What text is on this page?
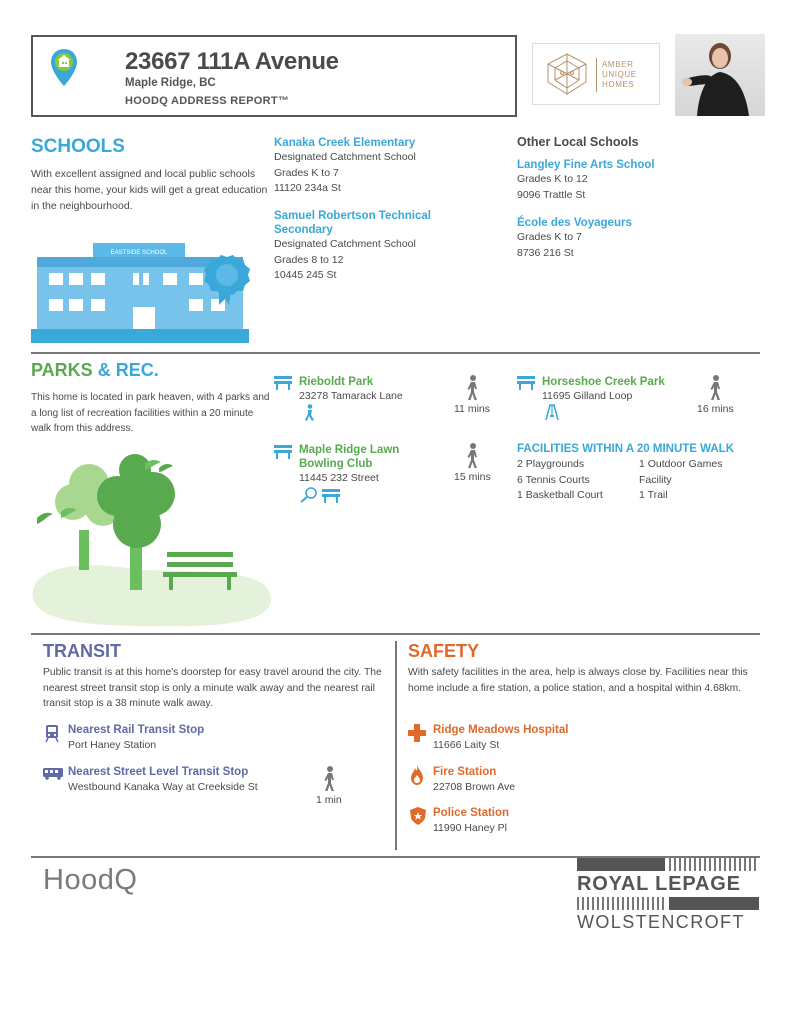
23667 111A Avenue
Maple Ridge, BC
HOODQ ADDRESS REPORT™
AMBER
UNIQUE
HOMES
SCHOOLS
With excellent assigned and local public schools near this home, your kids will get a great education in the neighbourhood.
EASTSIDE SCHOOL
Kanaka Creek Elementary
Designated Catchment School
Grades K to 7
11120 234a St
Samuel Robertson Technical
Secondary
Designated Catchment School
Grades 8 to 12
10445 245 St
Other Local Schools
Langley Fine Arts School
Grades K to 12
9096 Trattle St
École des Voyageurs
Grades K to 7
8736 216 St
PARKS & REC.
This home is located in park heaven, with 4 parks and a long list of recreation facilities within a 20 minute walk from this address.
Rieboldt Park
23278 Tamarack Lane
11 mins
Horseshoe Creek Park
11695 Gilland Loop
16 mins
Maple Ridge Lawn
Bowling Club
11445 232 Street	15 mins
FACILITIES WITHIN A 20 MINUTE WALK
2 Playgrounds
6 Tennis Courts
1 Basketball Court
1 Outdoor Games
Facility
1 Trail
TRANSIT
Public transit is at this home's doorstep for easy travel around the city. The nearest street transit stop is only a minute walk away and the nearest rail transit stop is a 38 minute walk away.
Nearest Rail Transit Stop
Port Haney Station
Nearest Street Level Transit Stop
Westbound Kanaka Way at Creekside St
1 min
SAFETY
With safety facilities in the area, help is always close by. Facilities near this home include a fire station, a police station, and a hospital within 4.68km.
Ridge Meadows Hospital
11666 Laity St
Fire Station
22708 Brown Ave
Police Station
11990 Haney Pl
HoodQ	ROYAL LEPAGE
WOLSTENCROFT
